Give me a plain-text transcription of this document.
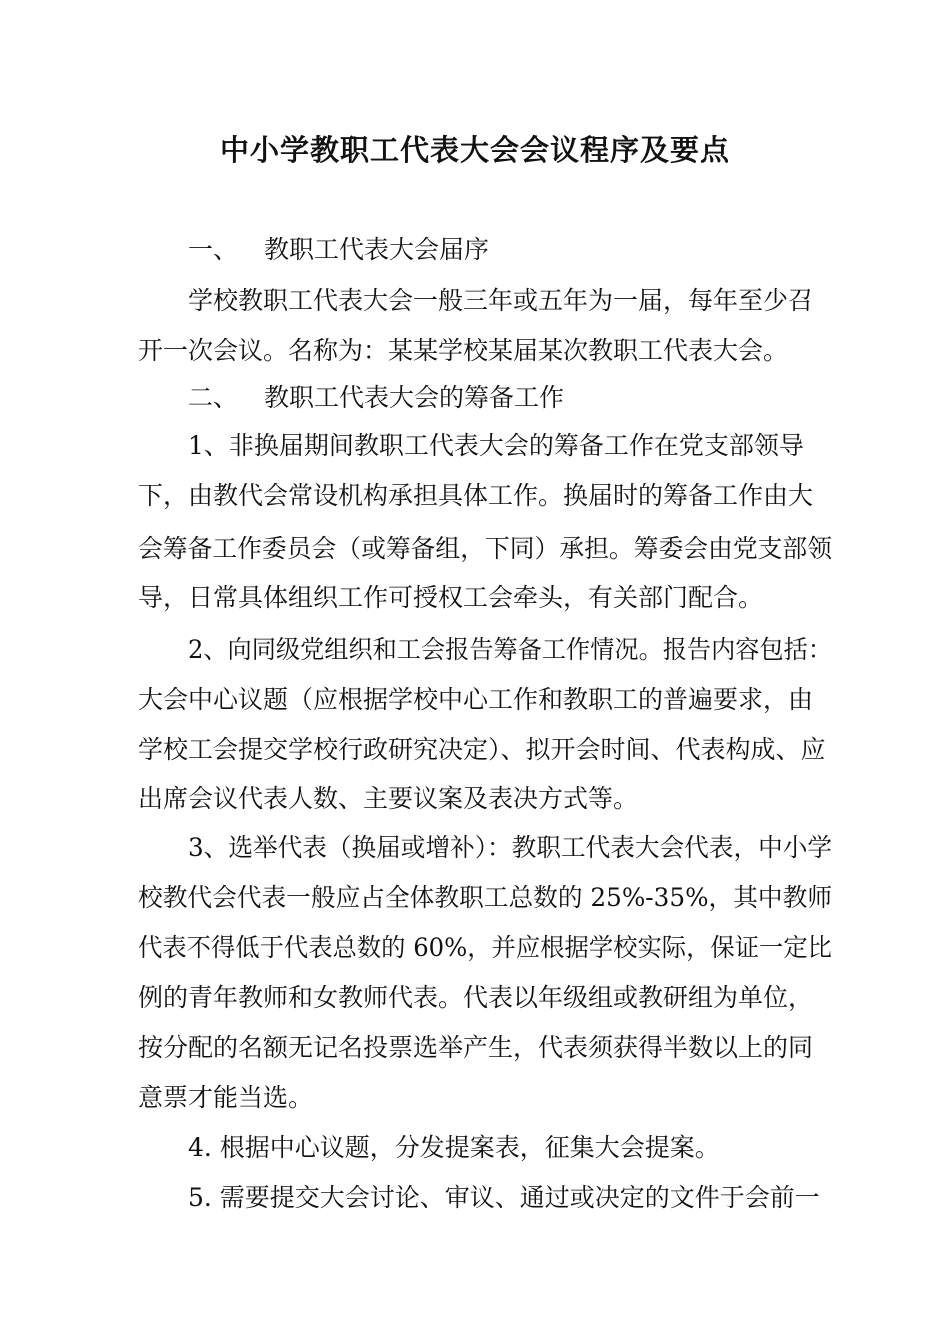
中小学教职工代表大会会议程序及要点
一、 教职工代表大会届序
学校教职工代表大会一般三年或五年为一届，每年至少召
开一次会议。名称为：某某学校某届某次教职工代表大会。
二、 教职工代表大会的筹备工作
1、非换届期间教职工代表大会的筹备工作在党支部领导
下，由教代会常设机构承担具体工作。换届时的筹备工作由大
会筹备工作委员会（或筹备组，下同）承担。筹委会由党支部领
导，日常具体组织工作可授权工会牵头，有关部门配合。
2、向同级党组织和工会报告筹备工作情况。报告内容包括：
大会中心议题（应根据学校中心工作和教职工的普遍要求，由
学校工会提交学校行政研究决定）、拟开会时间、代表构成、应
出席会议代表人数、主要议案及表决方式等。
3、选举代表（换届或增补）：教职工代表大会代表，中小学
校教代会代表一般应占全体教职工总数的 25%-35%，其中教师
代表不得低于代表总数的 60%，并应根据学校实际，保证一定比
例的青年教师和女教师代表。代表以年级组或教研组为单位，
按分配的名额无记名投票选举产生，代表须获得半数以上的同
意票才能当选。
4. 根据中心议题，分发提案表，征集大会提案。
5. 需要提交大会讨论、审议、通过或决定的文件于会前一
